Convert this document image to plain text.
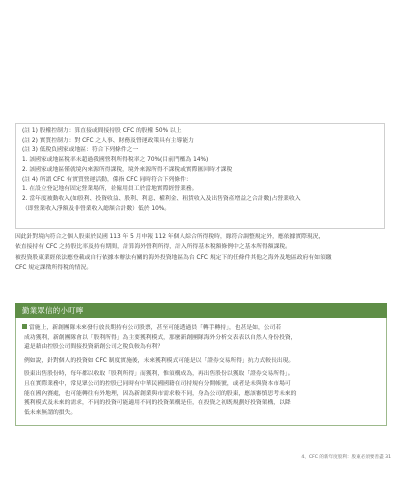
(註 1) 股權控制力：算直接或間接持股 CFC 的股權 50% 以上
(註 2) 實質控制力：對 CFC 之人事、財務及營運政策具有主導能力
(註 3) 低稅負國家或地區：符合下列條件之一
1. 該國家或地區稅率未超過我國營利所得稅率之 70%(目前門檻為 14%)
2. 該國家或地區僅就境內來源所得課稅，境外來源所得不課稅或實際匯回時才課稅
(註 4) 所謂 CFC 有實質營運活動，係指 CFC 同時符合下列條件：
1. 在設立登記地有固定營業場所，並僱用員工於當地實際經營業務。
2. 當年度被動收入(如股利、投資收益、股利、利息、權利金、租賃收入及出售資產增益之合計數)占營業收入
（即營業收入淨額及非營業收入總額合計數）低於 10%。
因此針對境內符合之個人股東於民國 113 年 5 月申報 112 年個人綜合所得稅時，緣符合調整規定外，應依據實際現況，
依直接持有 CFC 之持股比率及持有期間，計算海外營利所得，計入所得基本稅額條例中之基本所得額課稅。
被投資股東業經依法應登載或自行依據本辦法有關的海外投資地區為台 CFC 規定下的任條件其他之海外及地區政府有如須繳
CFC 規定課徵所得稅的情況。
勤業眾信的小叮嚀
當施上，新創團隊未來發行放長期持有公司股票，甚至可能透過員「轉手轉持」，也甚是如，公司若
成功獲利，新創團隊會以「股利所得」為主要獲利模式，那麼新創團隊海外分析交表表以自然人身份投資，
還是藉由控股公司間接投資新創公司之稅負較為有利？
例如說，針對個人的投資如 CFC 制度實施後，未來獲利模式可能是以「證券交易所得」抗力式較長出現。
股東出售股份時，每年都以收取「股利所得」而獲利，惟須構成為，再出售股份以獲取「證券交易所得」。
且在實際業務中，常見眾公司的控股已同時有中華民國國籍在司持規有分開帳號，或者是未與資本市場可
能在國內賽處，也可能轉往有外地理，因為新創業與市需求較不同，身為公司的股東，應該審慎思考未來的
獲利模式及未來的需求，不同的投資可能適用不同的投資架構是佳，在投資之初既規劃好投資架構，以降
低未來無謂的損失。
4、CFC 的新年度股利：股東必須要善盡 31
